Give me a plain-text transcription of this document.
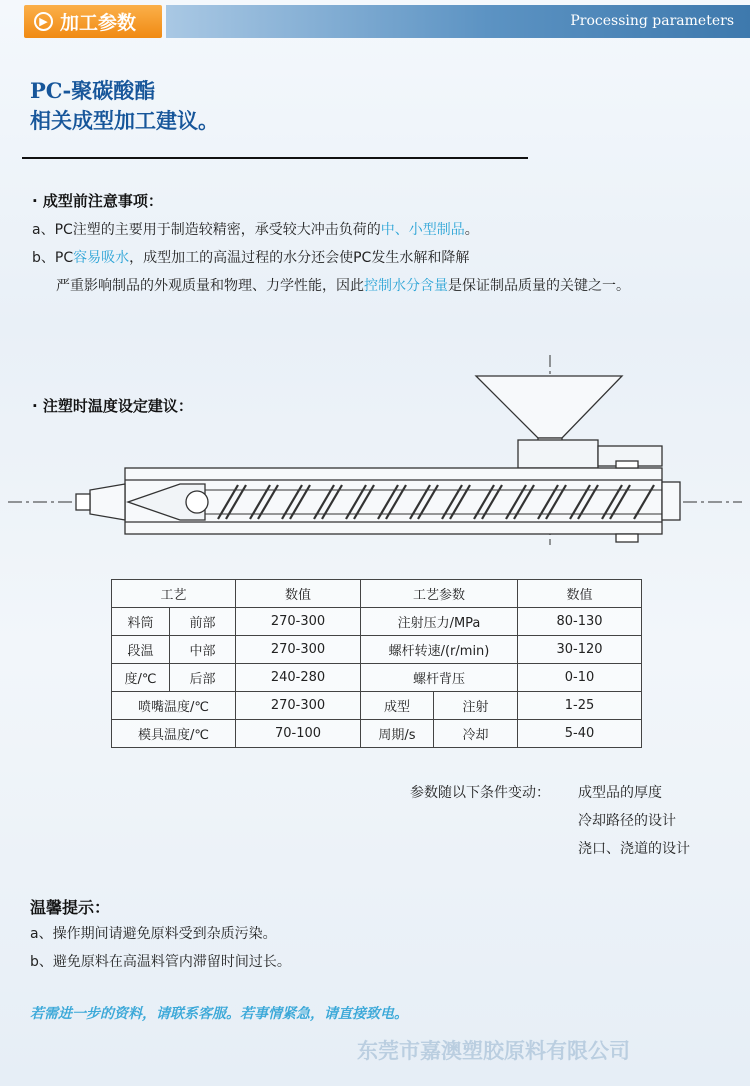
▶ 加工参数	Processing parameters
PC-聚碳酸酯
相关成型加工建议。
· 成型前注意事项：
a、PC注塑的主要用于制造较精密，承受较大冲击负荷的中、小型制品。
b、PC容易吸水，成型加工的高温过程的水分还会使PC发生水解和降解
严重影响制品的外观质量和物理、力学性能，因此控制水分含量是保证制品质量的关键之一。
· 注塑时温度设定建议：
工艺		数值	工艺参数		数值
料筒	前部	270-300	注射压力/MPa		80-130
段温	中部	270-300	螺杆转速/(r/min)		30-120
度/℃	后部	240-280	螺杆背压		0-10
喷嘴温度/℃		270-300	成型	注射	1-25
模具温度/℃		70-100	周期/s	冷却	5-40
参数随以下条件变动： 成型品的厚度
冷却路径的设计
浇口、浇道的设计
温馨提示：
a、操作期间请避免原料受到杂质污染。
b、避免原料在高温料管内滞留时间过长。
若需进一步的资料，请联系客服。若事情紧急，请直接致电。
东莞市嘉澳塑胶原料有限公司
